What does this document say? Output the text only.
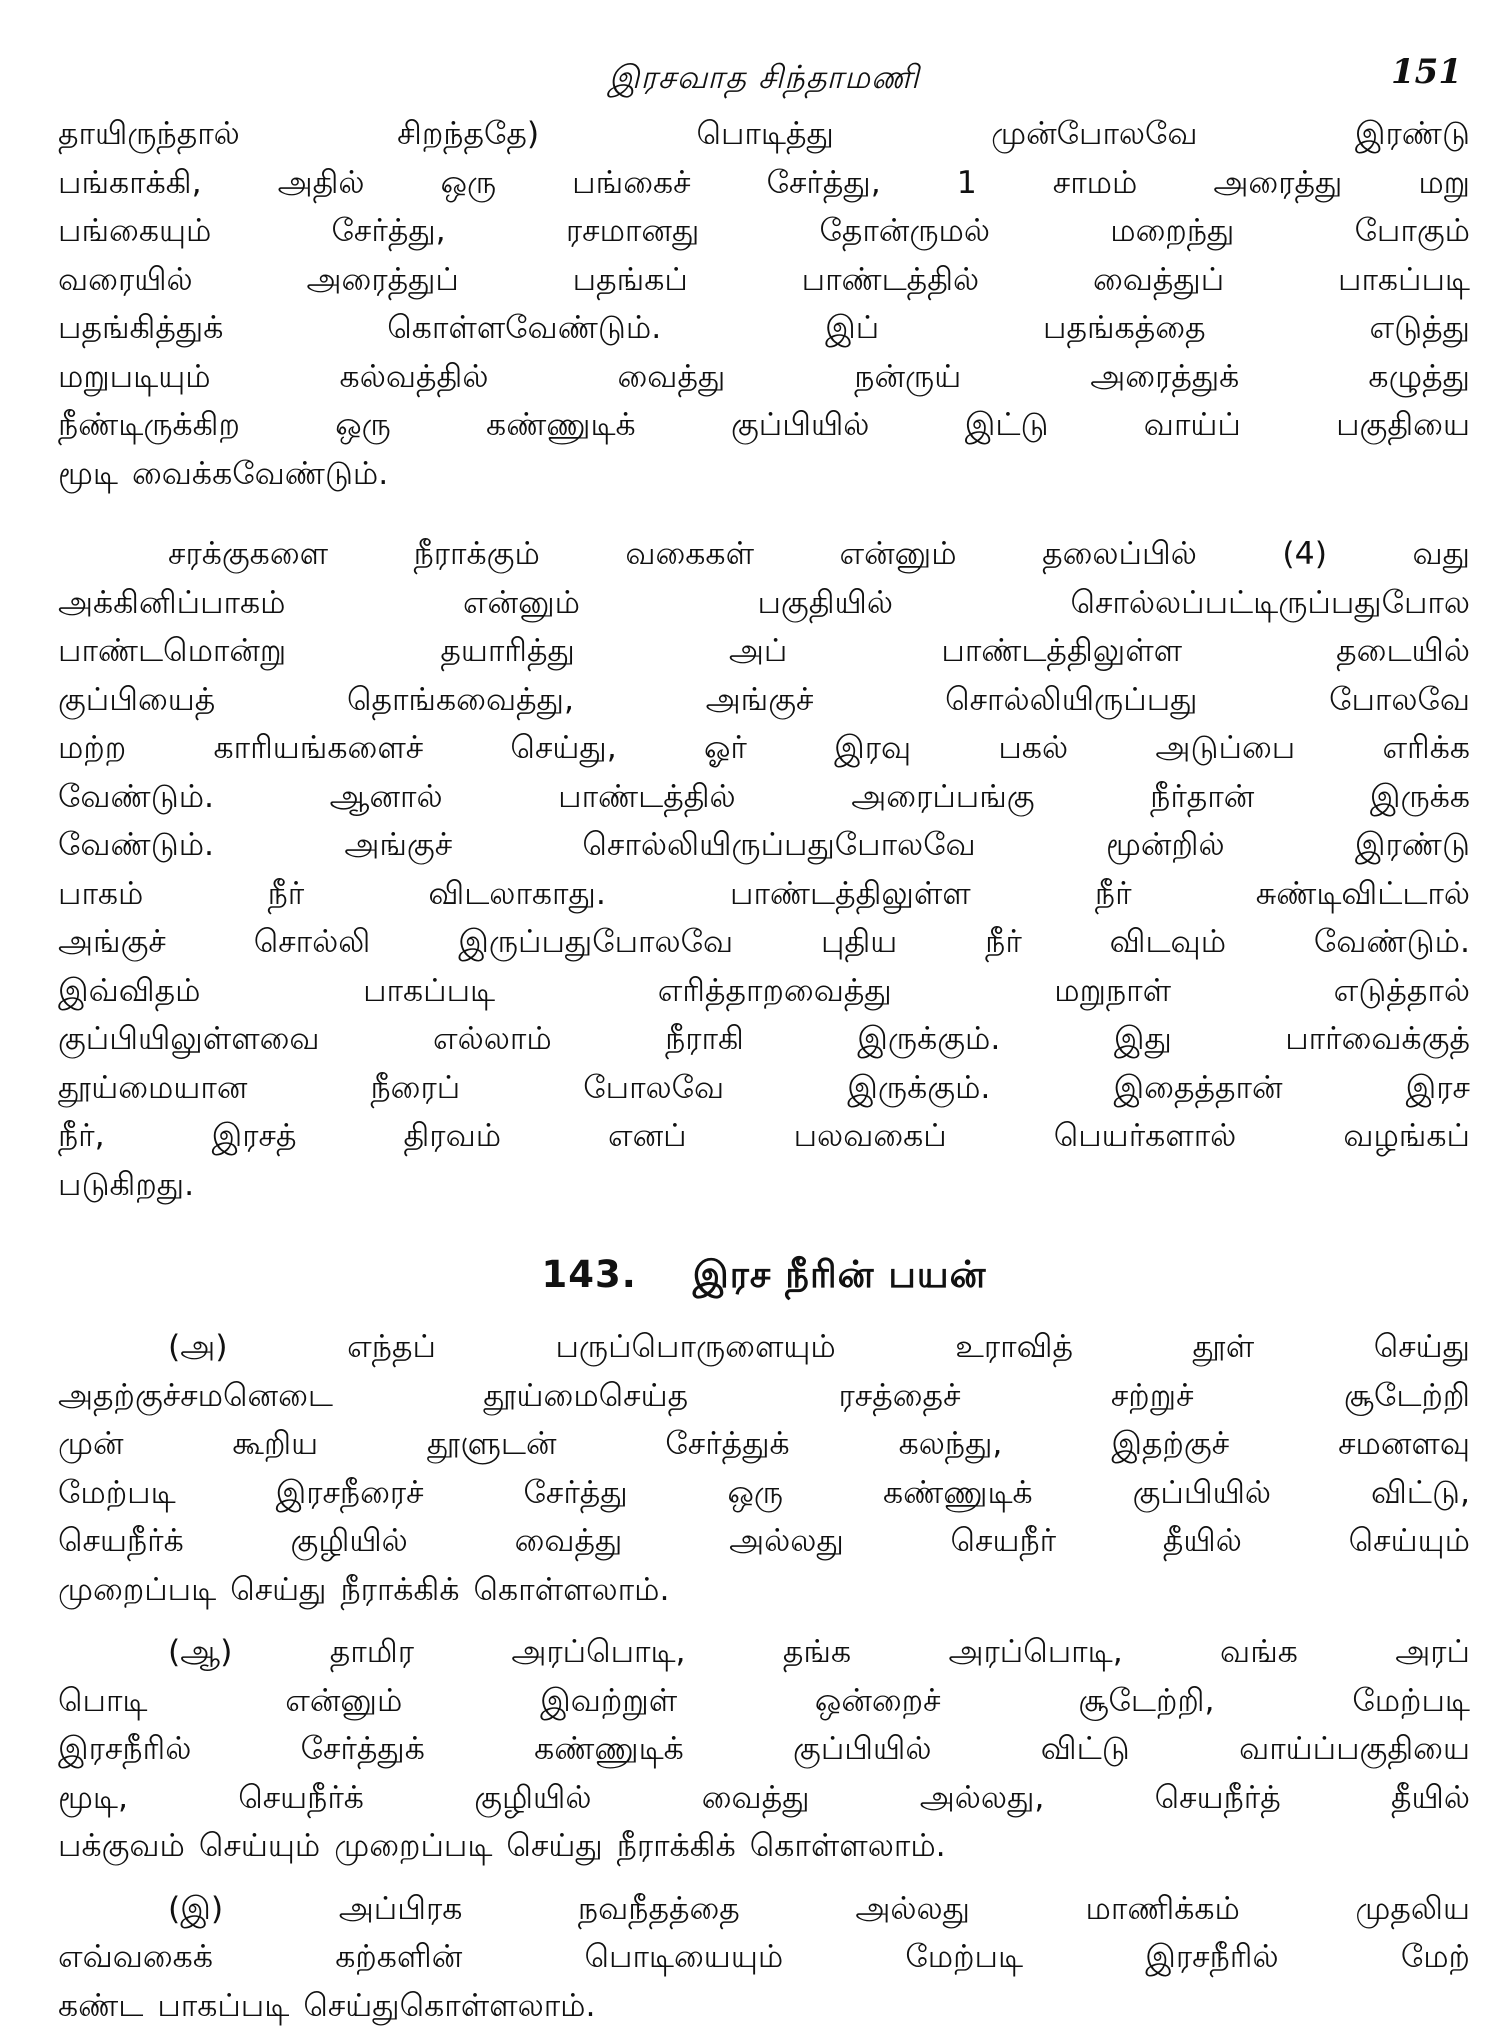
இரசவாத சிந்தாமணி	151

தாயிருந்தால் சிறந்ததே) பொடித்து முன்போலவே இரண்டு
பங்காக்கி, அதில் ஒரு பங்கைச் சேர்த்து, 1 சாமம் அரைத்து மறு
பங்கையும் சேர்த்து, ரசமானது தோன்ருமல் மறைந்து போகும்
வரையில் அரைத்துப் பதங்கப் பாண்டத்தில் வைத்துப் பாகப்படி
பதங்கித்துக் கொள்ளவேண்டும். இப் பதங்கத்தை எடுத்து
மறுபடியும் கல்வத்தில் வைத்து நன்ருய் அரைத்துக் கழுத்து
நீண்டிருக்கிற ஒரு கண்ணுடிக் குப்பியில் இட்டு வாய்ப் பகுதியை
மூடி வைக்கவேண்டும்.

சரக்குகளை நீராக்கும் வகைகள் என்னும் தலைப்பில் (4) வது
அக்கினிப்பாகம் என்னும் பகுதியில் சொல்லப்பட்டிருப்பதுபோல
பாண்டமொன்று தயாரித்து அப் பாண்டத்திலுள்ள தடையில்
குப்பியைத் தொங்கவைத்து, அங்குச் சொல்லியிருப்பது போலவே
மற்ற காரியங்களைச் செய்து, ஓர் இரவு பகல் அடுப்பை எரிக்க
வேண்டும். ஆனால் பாண்டத்தில் அரைப்பங்கு நீர்தான் இருக்க
வேண்டும். அங்குச் சொல்லியிருப்பதுபோலவே மூன்றில் இரண்டு
பாகம் நீர் விடலாகாது. பாண்டத்திலுள்ள நீர் சுண்டிவிட்டால்
அங்குச் சொல்லி இருப்பதுபோலவே புதிய நீர் விடவும் வேண்டும்.
இவ்விதம் பாகப்படி எரித்தாறவைத்து மறுநாள் எடுத்தால்
குப்பியிலுள்ளவை எல்லாம் நீராகி இருக்கும். இது பார்வைக்குத்
தூய்மையான நீரைப் போலவே இருக்கும். இதைத்தான் இரச
நீர், இரசத் திரவம் எனப் பலவகைப் பெயர்களால் வழங்கப்
படுகிறது.

143. இரச நீரின் பயன்

(அ) எந்தப் பருப்பொருளையும் உராவித் தூள் செய்து
அதற்குச்சமனெடை தூய்மைசெய்த ரசத்தைச் சற்றுச் சூடேற்றி
முன் கூறிய தூளுடன் சேர்த்துக் கலந்து, இதற்குச் சமனளவு
மேற்படி இரசநீரைச் சேர்த்து ஒரு கண்ணுடிக் குப்பியில் விட்டு,
செயநீர்க் குழியில் வைத்து அல்லது செயநீர் தீயில் செய்யும்
முறைப்படி செய்து நீராக்கிக் கொள்ளலாம்.

(ஆ) தாமிர அரப்பொடி, தங்க அரப்பொடி, வங்க அரப்
பொடி என்னும் இவற்றுள் ஒன்றைச் சூடேற்றி, மேற்படி
இரசநீரில் சேர்த்துக் கண்ணுடிக் குப்பியில் விட்டு வாய்ப்பகுதியை
மூடி, செயநீர்க் குழியில் வைத்து அல்லது, செயநீர்த் தீயில்
பக்குவம் செய்யும் முறைப்படி செய்து நீராக்கிக் கொள்ளலாம்.

(இ) அப்பிரக நவநீதத்தை அல்லது மாணிக்கம் முதலிய
எவ்வகைக் கற்களின் பொடியையும் மேற்படி இரசநீரில் மேற்
கண்ட பாகப்படி செய்துகொள்ளலாம்.
